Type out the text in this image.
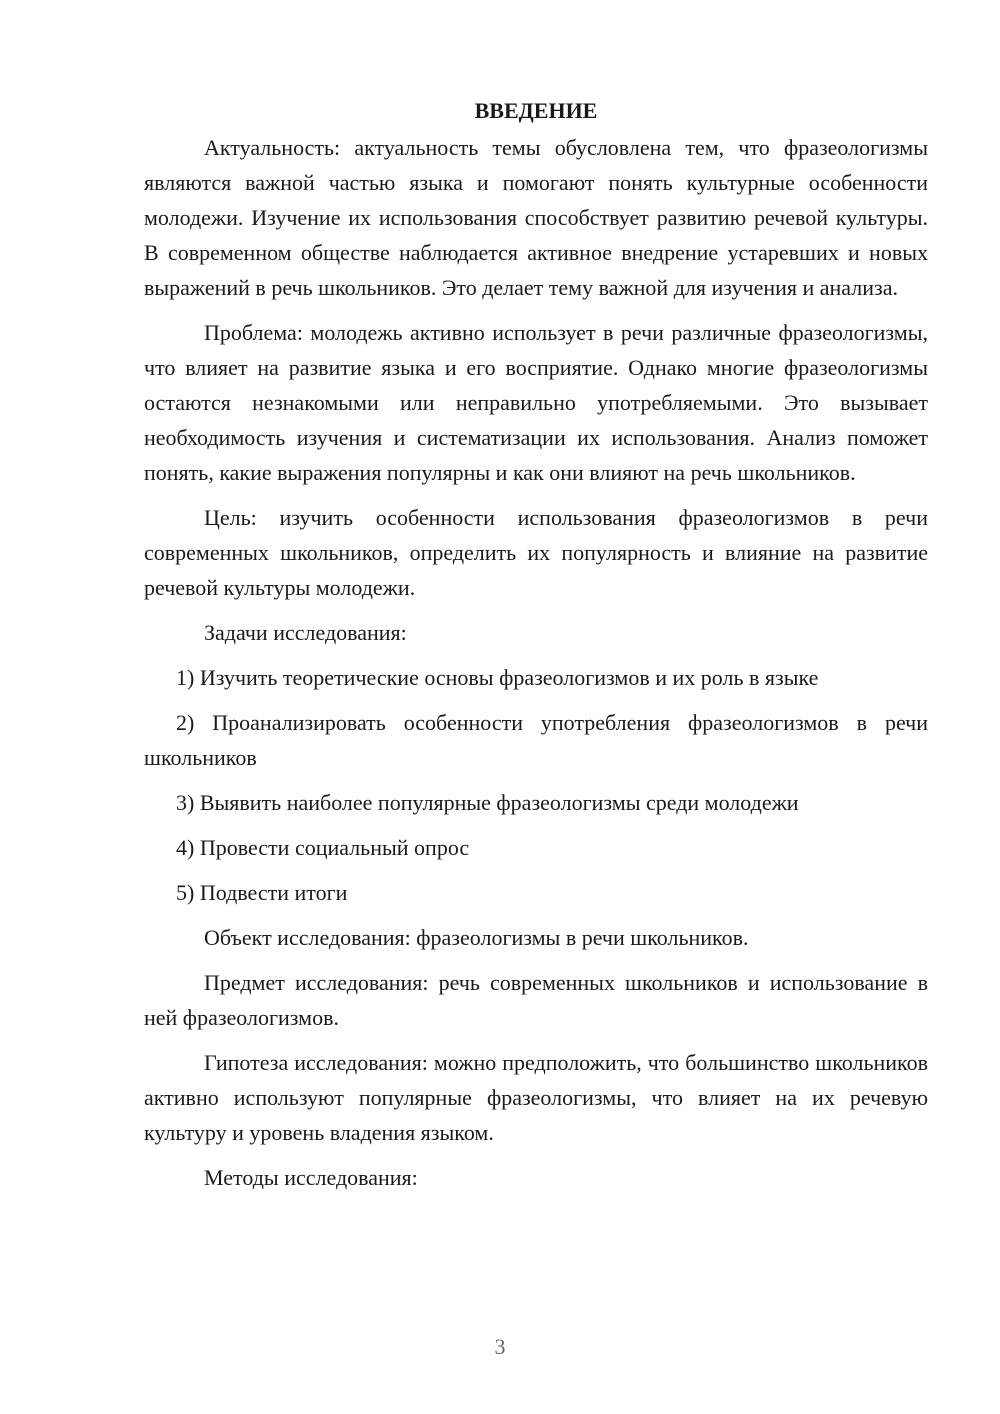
ВВЕДЕНИЕ

Актуальность: актуальность темы обусловлена тем, что фразеологизмы являются важной частью языка и помогают понять культурные особенности молодежи. Изучение их использования способствует развитию речевой культуры. В современном обществе наблюдается активное внедрение устаревших и новых выражений в речь школьников. Это делает тему важной для изучения и анализа.

Проблема: молодежь активно использует в речи различные фразеологизмы, что влияет на развитие языка и его восприятие. Однако многие фразеологизмы остаются незнакомыми или неправильно употребляемыми. Это вызывает необходимость изучения и систематизации их использования. Анализ поможет понять, какие выражения популярны и как они влияют на речь школьников.

Цель: изучить особенности использования фразеологизмов в речи современных школьников, определить их популярность и влияние на развитие речевой культуры молодежи.

Задачи исследования:

1) Изучить теоретические основы фразеологизмов и их роль в языке

2) Проанализировать особенности употребления фразеологизмов в речи школьников

3) Выявить наиболее популярные фразеологизмы среди молодежи

4) Провести социальный опрос

5) Подвести итоги

Объект исследования: фразеологизмы в речи школьников.

Предмет исследования: речь современных школьников и использование в ней фразеологизмов.

Гипотеза исследования: можно предположить, что большинство школьников активно используют популярные фразеологизмы, что влияет на их речевую культуру и уровень владения языком.

Методы исследования:

3
